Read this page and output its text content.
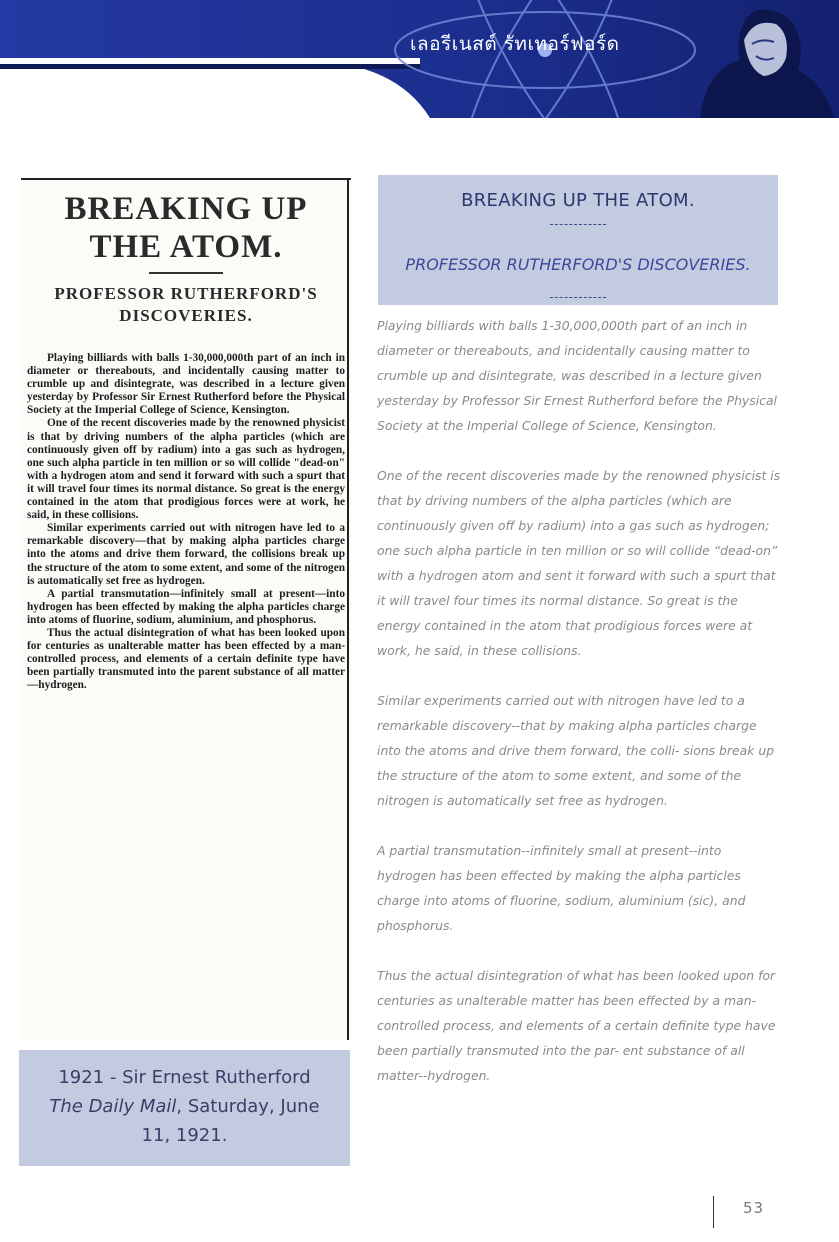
เลอรีเนสต์ รัทเทอร์ฟอร์ด
BREAKING UP
THE ATOM.
PROFESSOR RUTHERFORD'S
DISCOVERIES.

Playing billiards with balls 1-30,000,000th part of an inch in diameter or thereabouts, and incidentally causing matter to crumble up and disintegrate, was described in a lecture given yesterday by Professor Sir Ernest Rutherford before the Physical Society at the Imperial College of Science, Kensington.

One of the recent discoveries made by the renowned physicist is that by driving numbers of the alpha particles (which are continuously given off by radium) into a gas such as hydrogen, one such alpha particle in ten million or so will collide "dead-on" with a hydrogen atom and send it forward with such a spurt that it will travel four times its normal distance. So great is the energy contained in the atom that prodigious forces were at work, he said, in these collisions.

Similar experiments carried out with nitrogen have led to a remarkable discovery—that by making alpha particles charge into the atoms and drive them forward, the collisions break up the structure of the atom to some extent, and some of the nitrogen is automatically set free as hydrogen.

A partial transmutation—infinitely small at present—into hydrogen has been effected by making the alpha particles charge into atoms of fluorine, sodium, aluminium, and phosphorus.

Thus the actual disintegration of what has been looked upon for centuries as unalterable matter has been effected by a man-controlled process, and elements of a certain definite type have been partially transmuted into the parent substance of all matter—hydrogen.

1921 - Sir Ernest Rutherford
The Daily Mail, Saturday, June
11, 1921.
BREAKING UP THE ATOM.
PROFESSOR RUTHERFORD'S DISCOVERIES.

Playing billiards with balls 1-30,000,000th part of an inch in diameter or thereabouts, and incidentally causing matter to crumble up and disintegrate, was described in a lecture given yesterday by Professor Sir Ernest Rutherford before the Physical Society at the Imperial College of Science, Kensington.

One of the recent discoveries made by the renowned physicist is that by driving numbers of the alpha particles (which are continuously given off by radium) into a gas such as hydrogen; one such alpha particle in ten million or so will collide “dead-on” with a hydrogen atom and sent it forward with such a spurt that it will travel four times its normal distance. So great is the energy contained in the atom that prodigious forces were at work, he said, in these collisions.

Similar experiments carried out with nitrogen have led to a remarkable discovery--that by making alpha particles charge into the atoms and drive them forward, the colli- sions break up the structure of the atom to some extent, and some of the nitrogen is automatically set free as hydrogen.

A partial transmutation--infinitely small at present--into hydrogen has been effected by making the alpha particles charge into atoms of fluorine, sodium, aluminium (sic), and phosphorus.

Thus the actual disintegration of what has been looked upon for centuries as unalterable matter has been effected by a man-controlled process, and elements of a certain definite type have been partially transmuted into the par- ent substance of all matter--hydrogen.

53
